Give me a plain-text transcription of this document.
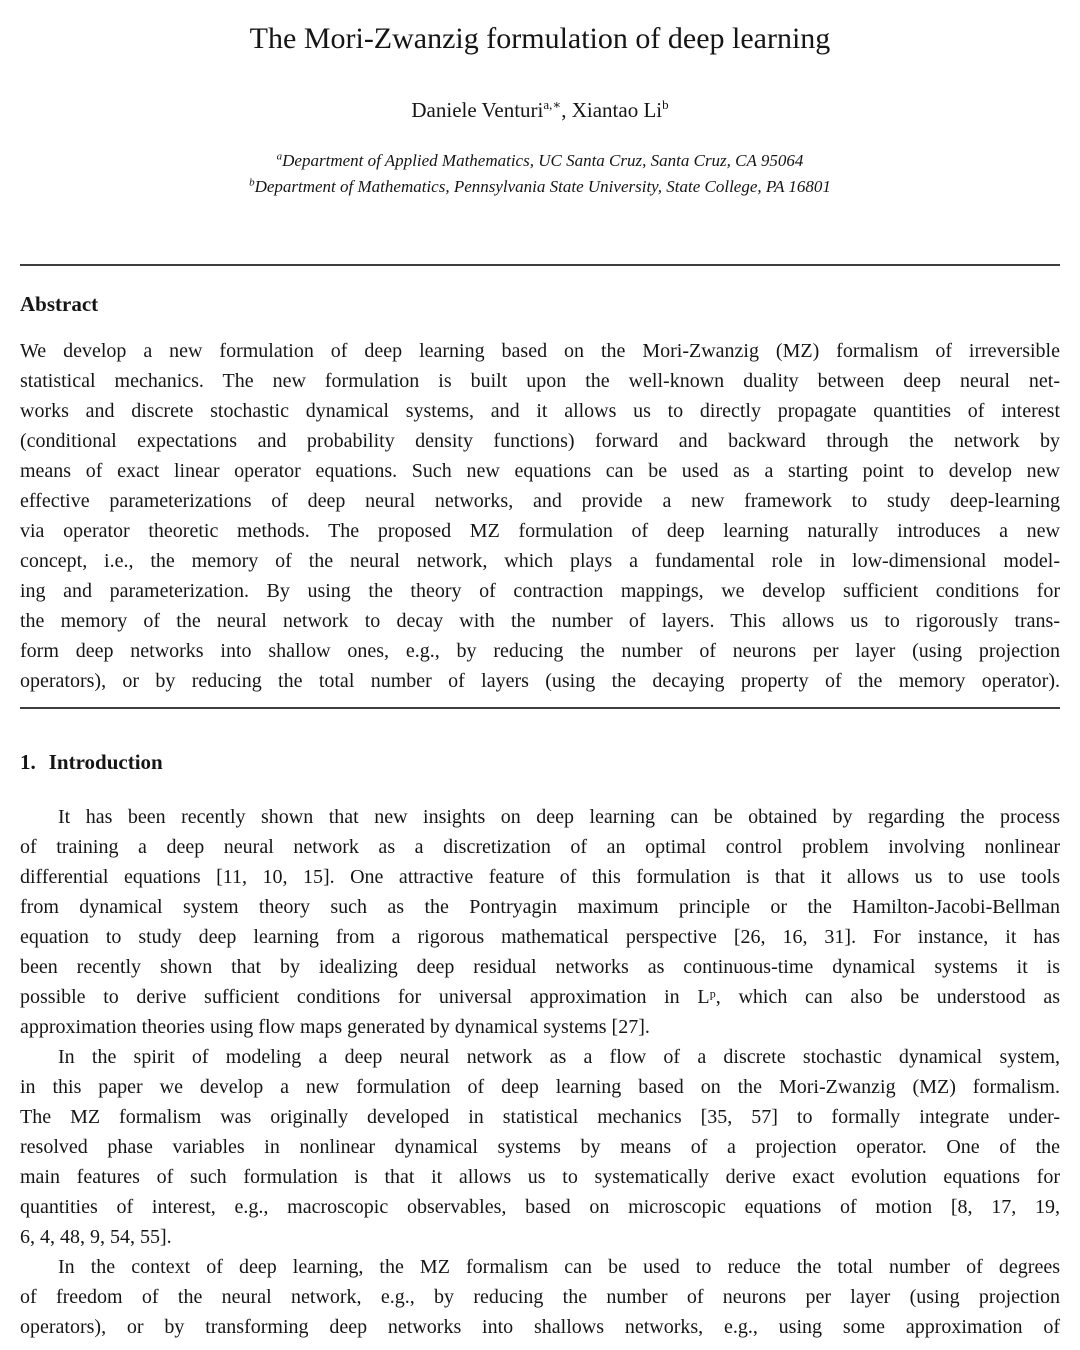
The Mori-Zwanzig formulation of deep learning
Daniele Venturi$^{a,∗}$, Xiantao Li$^b$
$^a$Department of Applied Mathematics, UC Santa Cruz, Santa Cruz, CA 95064
$^b$Department of Mathematics, Pennsylvania State University, State College, PA 16801
Abstract
We develop a new formulation of deep learning based on the Mori-Zwanzig (MZ) formalism of irreversible
statistical mechanics. The new formulation is built upon the well-known duality between deep neural net-
works and discrete stochastic dynamical systems, and it allows us to directly propagate quantities of interest
(conditional expectations and probability density functions) forward and backward through the network by
means of exact linear operator equations. Such new equations can be used as a starting point to develop new
effective parameterizations of deep neural networks, and provide a new framework to study deep-learning
via operator theoretic methods. The proposed MZ formulation of deep learning naturally introduces a new
concept, i.e., the memory of the neural network, which plays a fundamental role in low-dimensional model-
ing and parameterization. By using the theory of contraction mappings, we develop sufficient conditions for
the memory of the neural network to decay with the number of layers. This allows us to rigorously trans-
form deep networks into shallow ones, e.g., by reducing the number of neurons per layer (using projection
operators), or by reducing the total number of layers (using the decaying property of the memory operator).
1. Introduction
It has been recently shown that new insights on deep learning can be obtained by regarding the process
of training a deep neural network as a discretization of an optimal control problem involving nonlinear
differential equations [11, 10, 15]. One attractive feature of this formulation is that it allows us to use tools
from dynamical system theory such as the Pontryagin maximum principle or the Hamilton-Jacobi-Bellman
equation to study deep learning from a rigorous mathematical perspective [26, 16, 31]. For instance, it has
been recently shown that by idealizing deep residual networks as continuous-time dynamical systems it is
possible to derive sufficient conditions for universal approximation in Lᵖ, which can also be understood as
approximation theories using flow maps generated by dynamical systems [27].
In the spirit of modeling a deep neural network as a flow of a discrete stochastic dynamical system,
in this paper we develop a new formulation of deep learning based on the Mori-Zwanzig (MZ) formalism.
The MZ formalism was originally developed in statistical mechanics [35, 57] to formally integrate under-
resolved phase variables in nonlinear dynamical systems by means of a projection operator. One of the
main features of such formulation is that it allows us to systematically derive exact evolution equations for
quantities of interest, e.g., macroscopic observables, based on microscopic equations of motion [8, 17, 19,
6, 4, 48, 9, 54, 55].
In the context of deep learning, the MZ formalism can be used to reduce the total number of degrees
of freedom of the neural network, e.g., by reducing the number of neurons per layer (using projection
operators), or by transforming deep networks into shallows networks, e.g., using some approximation of
